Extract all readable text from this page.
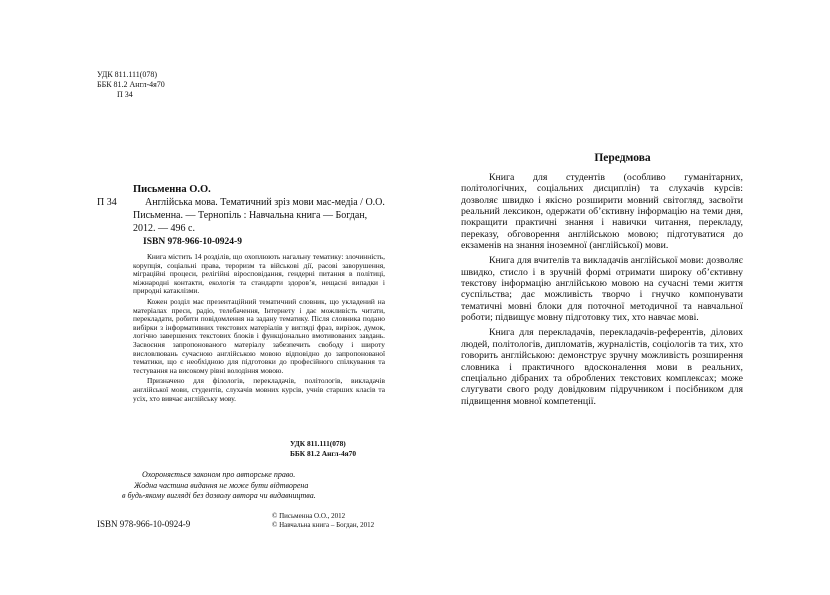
УДК 811.111(078)
ББК 81.2 Англ-4я70
П 34
Письменна О.О.
П 34	Англійська мова. Тематичний зріз мови мас-медіа / О.О. Письменна. — Тернопіль : Навчальна книга — Богдан, 2012. — 496 с.
ISBN 978-966-10-0924-9

Книга містить 14 розділів, що охоплюють нагальну тематику: злочинність, корупція, соціальні права, тероризм та військові дії, расові заворушення, міграційні процеси, релігійні віросповідання, гендерні питання в політиці, міжнародні контакти, екологія та стандарти здоров’я, нещасні випадки і природні катаклізми.

Кожен розділ має презентаційний тематичний словник, що укладений на матеріалах преси, радіо, телебачення, Інтернету і дає можливість читати, перекладати, робити повідомлення на задану тематику. Після словника подано вибірки з інформативних текстових матеріалів у вигляді фраз, вирізок, думок, логічно завершених текстових блоків і функціонально вмотивованих завдань. Засвоєння запропонованого матеріалу забезпечить свободу і широту висловлювань сучасною англійською мовою відповідно до запропонованої тематики, що є необхідною для підготовки до професійного спілкування та тестування на високому рівні володіння мовою.

Призначено для філологів, перекладачів, політологів, викладачів англійської мови, студентів, слухачів мовних курсів, учнів старших класів та усіх, хто вивчає англійську мову.

УДК 811.111(078)
ББК 81.2 Англ-4я70
Охороняється законом про авторське право.
Жодна частина видання не може бути відтворена
в будь-якому вигляді без дозволу автора чи видавництва.
ISBN 978-966-10-0924-9
© Письменна О.О., 2012
© Навчальна книга – Богдан, 2012
Передмова

Книга для студентів (особливо гуманітарних, політологічних, соціальних дисциплін) та слухачів курсів: дозволяє швидко і якісно розширити мовний світогляд, засвоїти реальний лексикон, одержати об’єктивну інформацію на теми дня, покращити практичні знання і навички читання, перекладу, переказу, обговорення англійською мовою; підготуватися до екзаменів на знання іноземної (англійської) мови.

Книга для вчителів та викладачів англійської мови: дозволяє швидко, стисло і в зручній формі отримати широку об’єктивну текстову інформацію англійською мовою на сучасні теми життя суспільства; дає можливість творчо і гнучко компонувати тематичні мовні блоки для поточної методичної та навчальної роботи; підвищує мовну підготовку тих, хто навчає мові.

Книга для перекладачів, перекладачів-референтів, ділових людей, політологів, дипломатів, журналістів, соціологів та тих, хто говорить англійською: демонструє зручну можливість розширення словника і практичного вдосконалення мови в реальних, спеціально дібраних та оброблених текстових комплексах; може слугувати свого роду довідковим підручником і посібником для підвищення мовної компетенції.
